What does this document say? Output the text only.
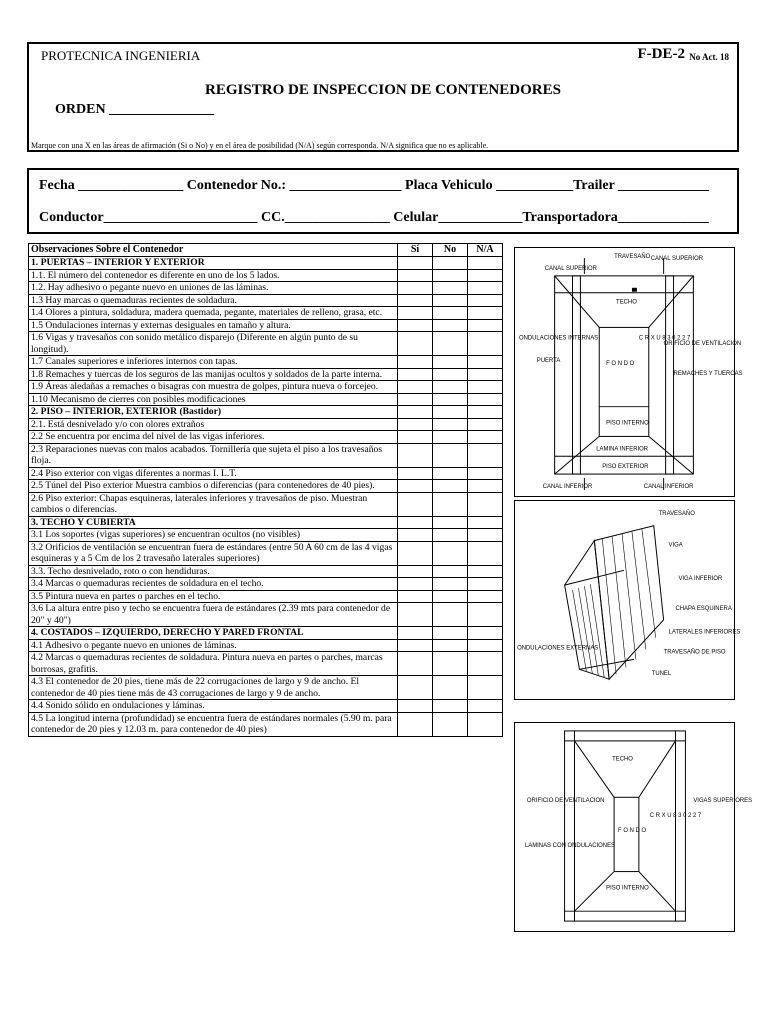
PROTECNICA INGENIERIA	F-DE-2 No Act. 18
REGISTRO DE INSPECCION DE CONTENEDORES
ORDEN _______________
Marque con una X en las áreas de afirmación (Si o No) y en el área de posibilidad (N/A) según corresponda. N/A significa que no es aplicable.
Fecha _______________ Contenedor No.: ________________ Placa Vehiculo ___________Trailer _____________
Conductor______________________ CC._______________ Celular____________Transportadora_____________
Observaciones Sobre el Contenedor	Sí	No	N/A
1. PUERTAS – INTERIOR Y EXTERIOR			
1.1. El número del contenedor es diferente en uno de los 5 lados.			
1.2. Hay adhesivo o pegante nuevo en uniones de las láminas.			
1.3 Hay marcas o quemaduras recientes de soldadura.			
1.4 Olores a pintura, soldadura, madera quemada, pegante, materiales de relleno, grasa, etc.			
1.5 Ondulaciones internas y externas desiguales en tamaño y altura.			
1.6 Vigas y travesaños con sonido metálico disparejo (Diferente en algún punto de su longitud).			
1.7 Canales superiores e inferiores internos con tapas.			
1.8 Remaches y tuercas de los seguros de las manijas ocultos y soldados de la parte interna.			
1.9 Áreas aledañas a remaches o bisagras con muestra de golpes, pintura nueva o forcejeo.			
1.10 Mecanismo de cierres con posibles modificaciones			
2. PISO – INTERIOR, EXTERIOR (Bastidor)			
2.1. Está desnivelado y/o con olores extraños			
2.2 Se encuentra por encima del nivel de las vigas inferiores.			
2.3 Reparaciones nuevas con malos acabados. Tornillería que sujeta el piso a los travesaños floja.			
2.4 Piso exterior con vigas diferentes a normas I. L.T.			
2.5 Túnel del Piso exterior Muestra cambios o diferencias (para contenedores de 40 pies).			
2.6 Piso exterior: Chapas esquineras, laterales inferiores y travesaños de piso. Muestran cambios o diferencias.			
3. TECHO Y CUBIERTA			
3.1 Los soportes (vigas superiores) se encuentran ocultos (no visibles)			
3.2 Orificios de ventilación se encuentran fuera de estándares (entre 50 A 60 cm de las 4 vigas esquineras y a 5 Cm de los 2 travesaño laterales superiores)			
3.3. Techo desnivelado, roto o con hendiduras.			
3.4 Marcas o quemaduras recientes de soldadura en el techo.			
3.5 Pintura nueva en partes o parches en el techo.			
3.6 La altura entre piso y techo se encuentra fuera de estándares (2.39 mts para contenedor de 20" y 40")			
4. COSTADOS – IZQUIERDO, DERECHO Y PARED FRONTAL			
4.1 Adhesivo o pegante nuevo en uniones de láminas.			
4.2 Marcas o quemaduras recientes de soldadura. Pintura nueva en partes o parches, marcas borrosas, grafitis.			
4.3 El contenedor de 20 pies, tiene más de 22 corrugaciones de largo y 9 de ancho. El contenedor de 40 pies tiene más de 43 corrugaciones de largo y 9 de ancho.			
4.4 Sonido sólido en ondulaciones y láminas.			
4.5 La longitud interna (profundidad) se encuentra fuera de estándares normales (5.90 m. para contenedor de 20 pies y 12.03 m. para contenedor de 40 pies)			
TRAVESAÑO
CANAL SUPERIOR
CANAL SUPERIOR
TECHO
ONDULACIONES INTERNAS
ORIFICIO DE VENTILACIÓN
PUERTA	F O N D O
C R X U 8 3 0 2 2 7
REMACHES Y TUERCAS
PISO INTERNO
LAMINA INFERIOR
PISO EXTERIOR
CANAL INFERIOR	CANAL INFERIOR
TRAVESAÑO
VIGA
VIGA INFERIOR
CHAPA ESQUINERA
LATERALES INFERIORES
TRAVESAÑO DE PISO
TUNEL
ONDULACIONES EXTERNAS
TECHO
ORIFICIO DE VENTILACION	VIGAS SUPERIORES
LAMINAS CON ONDULACIONES
F O N D O
C R X U 8 3 0 2 2 7
PISO INTERNO
